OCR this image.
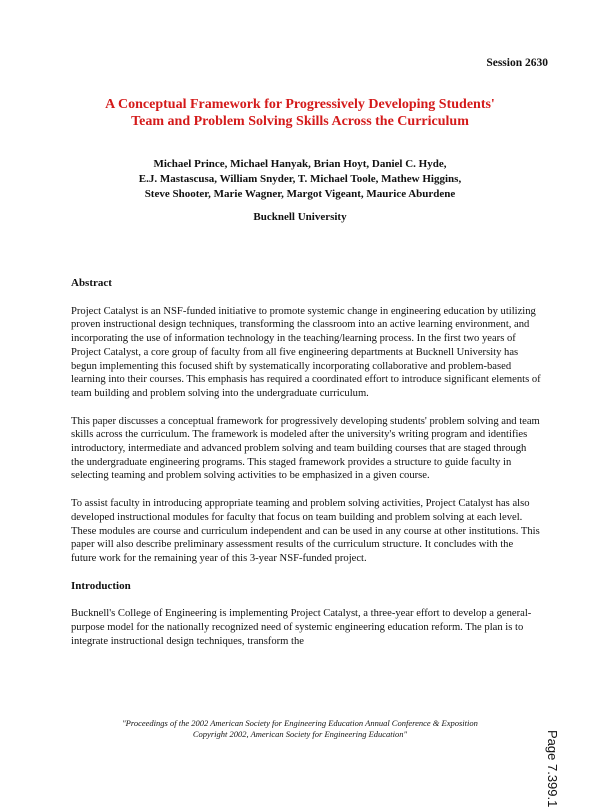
Session 2630
A Conceptual Framework for Progressively Developing Students'
Team and Problem Solving Skills Across the Curriculum
Michael Prince, Michael Hanyak, Brian Hoyt, Daniel C. Hyde,
E.J. Mastascusa, William Snyder, T. Michael Toole, Mathew Higgins,
Steve Shooter, Marie Wagner, Margot Vigeant, Maurice Aburdene
Bucknell University
Abstract

Project Catalyst is an NSF-funded initiative to promote systemic change in engineering education by utilizing proven instructional design techniques, transforming the classroom into an active learning environment, and incorporating the use of information technology in the teaching/learning process. In the first two years of Project Catalyst, a core group of faculty from all five engineering departments at Bucknell University has begun implementing this focused shift by systematically incorporating collaborative and problem-based learning into their courses. This emphasis has required a coordinated effort to introduce significant elements of team building and problem solving into the undergraduate curriculum.

This paper discusses a conceptual framework for progressively developing students' problem solving and team skills across the curriculum. The framework is modeled after the university's writing program and identifies introductory, intermediate and advanced problem solving and team building courses that are staged through the undergraduate engineering programs. This staged framework provides a structure to guide faculty in selecting teaming and problem solving activities to be emphasized in a given course.

To assist faculty in introducing appropriate teaming and problem solving activities, Project Catalyst has also developed instructional modules for faculty that focus on team building and problem solving at each level. These modules are course and curriculum independent and can be used in any course at other institutions. This paper will also describe preliminary assessment results of the curriculum structure. It concludes with the future work for the remaining year of this 3-year NSF-funded project.

Introduction

Bucknell's College of Engineering is implementing Project Catalyst, a three-year effort to develop a general-purpose model for the nationally recognized need of systemic engineering education reform. The plan is to integrate instructional design techniques, transform the

"Proceedings of the 2002 American Society for Engineering Education Annual Conference & Exposition
Copyright 2002, American Society for Engineering Education"	Page 7.399.1
